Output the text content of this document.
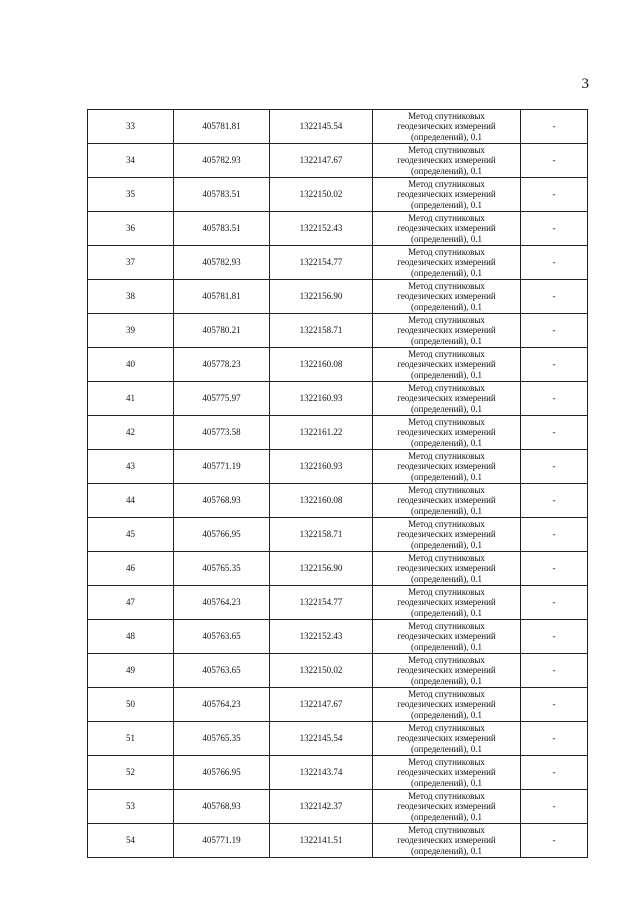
3
33	405781.81	1322145.54	Метод спутниковых
геодезических измерений
(определений), 0.1	-
34	405782.93	1322147.67	Метод спутниковых
геодезических измерений
(определений), 0.1	-
35	405783.51	1322150.02	Метод спутниковых
геодезических измерений
(определений), 0.1	-
36	405783.51	1322152.43	Метод спутниковых
геодезических измерений
(определений), 0.1	-
37	405782.93	1322154.77	Метод спутниковых
геодезических измерений
(определений), 0.1	-
38	405781.81	1322156.90	Метод спутниковых
геодезических измерений
(определений), 0.1	-
39	405780.21	1322158.71	Метод спутниковых
геодезических измерений
(определений), 0.1	-
40	405778.23	1322160.08	Метод спутниковых
геодезических измерений
(определений), 0.1	-
41	405775.97	1322160.93	Метод спутниковых
геодезических измерений
(определений), 0.1	-
42	405773.58	1322161.22	Метод спутниковых
геодезических измерений
(определений), 0.1	-
43	405771.19	1322160.93	Метод спутниковых
геодезических измерений
(определений), 0.1	-
44	405768.93	1322160.08	Метод спутниковых
геодезических измерений
(определений), 0.1	-
45	405766.95	1322158.71	Метод спутниковых
геодезических измерений
(определений), 0.1	-
46	405765.35	1322156.90	Метод спутниковых
геодезических измерений
(определений), 0.1	-
47	405764.23	1322154.77	Метод спутниковых
геодезических измерений
(определений), 0.1	-
48	405763.65	1322152.43	Метод спутниковых
геодезических измерений
(определений), 0.1	-
49	405763.65	1322150.02	Метод спутниковых
геодезических измерений
(определений), 0.1	-
50	405764.23	1322147.67	Метод спутниковых
геодезических измерений
(определений), 0.1	-
51	405765.35	1322145.54	Метод спутниковых
геодезических измерений
(определений), 0.1	-
52	405766.95	1322143.74	Метод спутниковых
геодезических измерений
(определений), 0.1	-
53	405768.93	1322142.37	Метод спутниковых
геодезических измерений
(определений), 0.1	-
54	405771.19	1322141.51	Метод спутниковых
геодезических измерений
(определений), 0.1	-
